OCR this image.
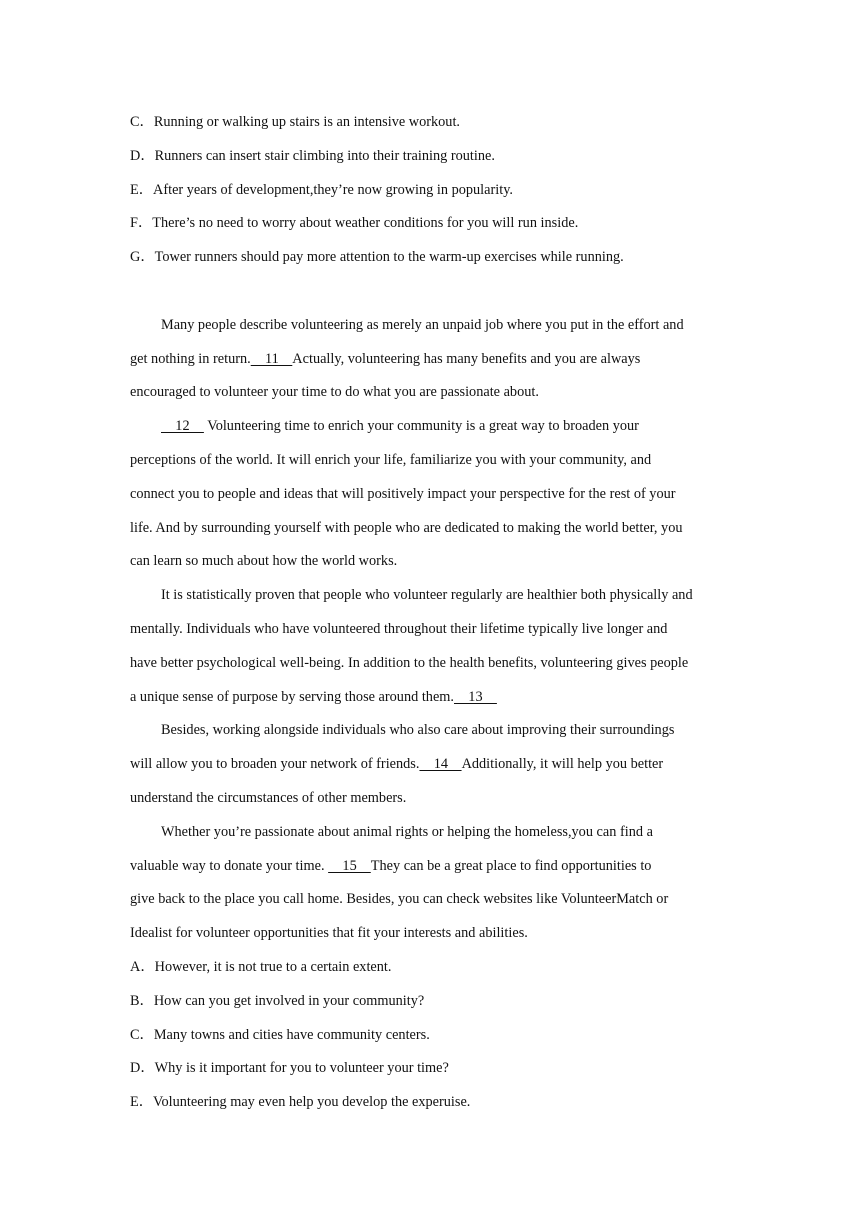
C．Running or walking up stairs is an intensive workout.
D．Runners can insert stair climbing into their training routine.
E．After years of development,they’re now growing in popularity.
F．There’s no need to worry about weather conditions for you will run inside.
G．Tower runners should pay more attention to the warm-up exercises while running.
Many people describe volunteering as merely an unpaid job where you put in the effort and
get nothing in return.    11    Actually, volunteering has many benefits and you are always
encouraged to volunteer your time to do what you are passionate about.
12     Volunteering time to enrich your community is a great way to broaden your
perceptions of the world. It will enrich your life, familiarize you with your community, and
connect you to people and ideas that will positively impact your perspective for the rest of your
life. And by surrounding yourself with people who are dedicated to making the world better, you
can learn so much about how the world works.
It is statistically proven that people who volunteer regularly are healthier both physically and
mentally. Individuals who have volunteered throughout their lifetime typically live longer and
have better psychological well-being. In addition to the health benefits, volunteering gives people
a unique sense of purpose by serving those around them.    13
Besides, working alongside individuals who also care about improving their surroundings
will allow you to broaden your network of friends.    14    Additionally, it will help you better
understand the circumstances of other members.
Whether you’re passionate about animal rights or helping the homeless,you can find a
valuable way to donate your time.     15    They can be a great place to find opportunities to
give back to the place you call home. Besides, you can check websites like VolunteerMatch or
Idealist for volunteer opportunities that fit your interests and abilities.
A．However, it is not true to a certain extent.
B．How can you get involved in your community?
C．Many towns and cities have community centers.
D．Why is it important for you to volunteer your time?
E．Volunteering may even help you develop the experuise.
